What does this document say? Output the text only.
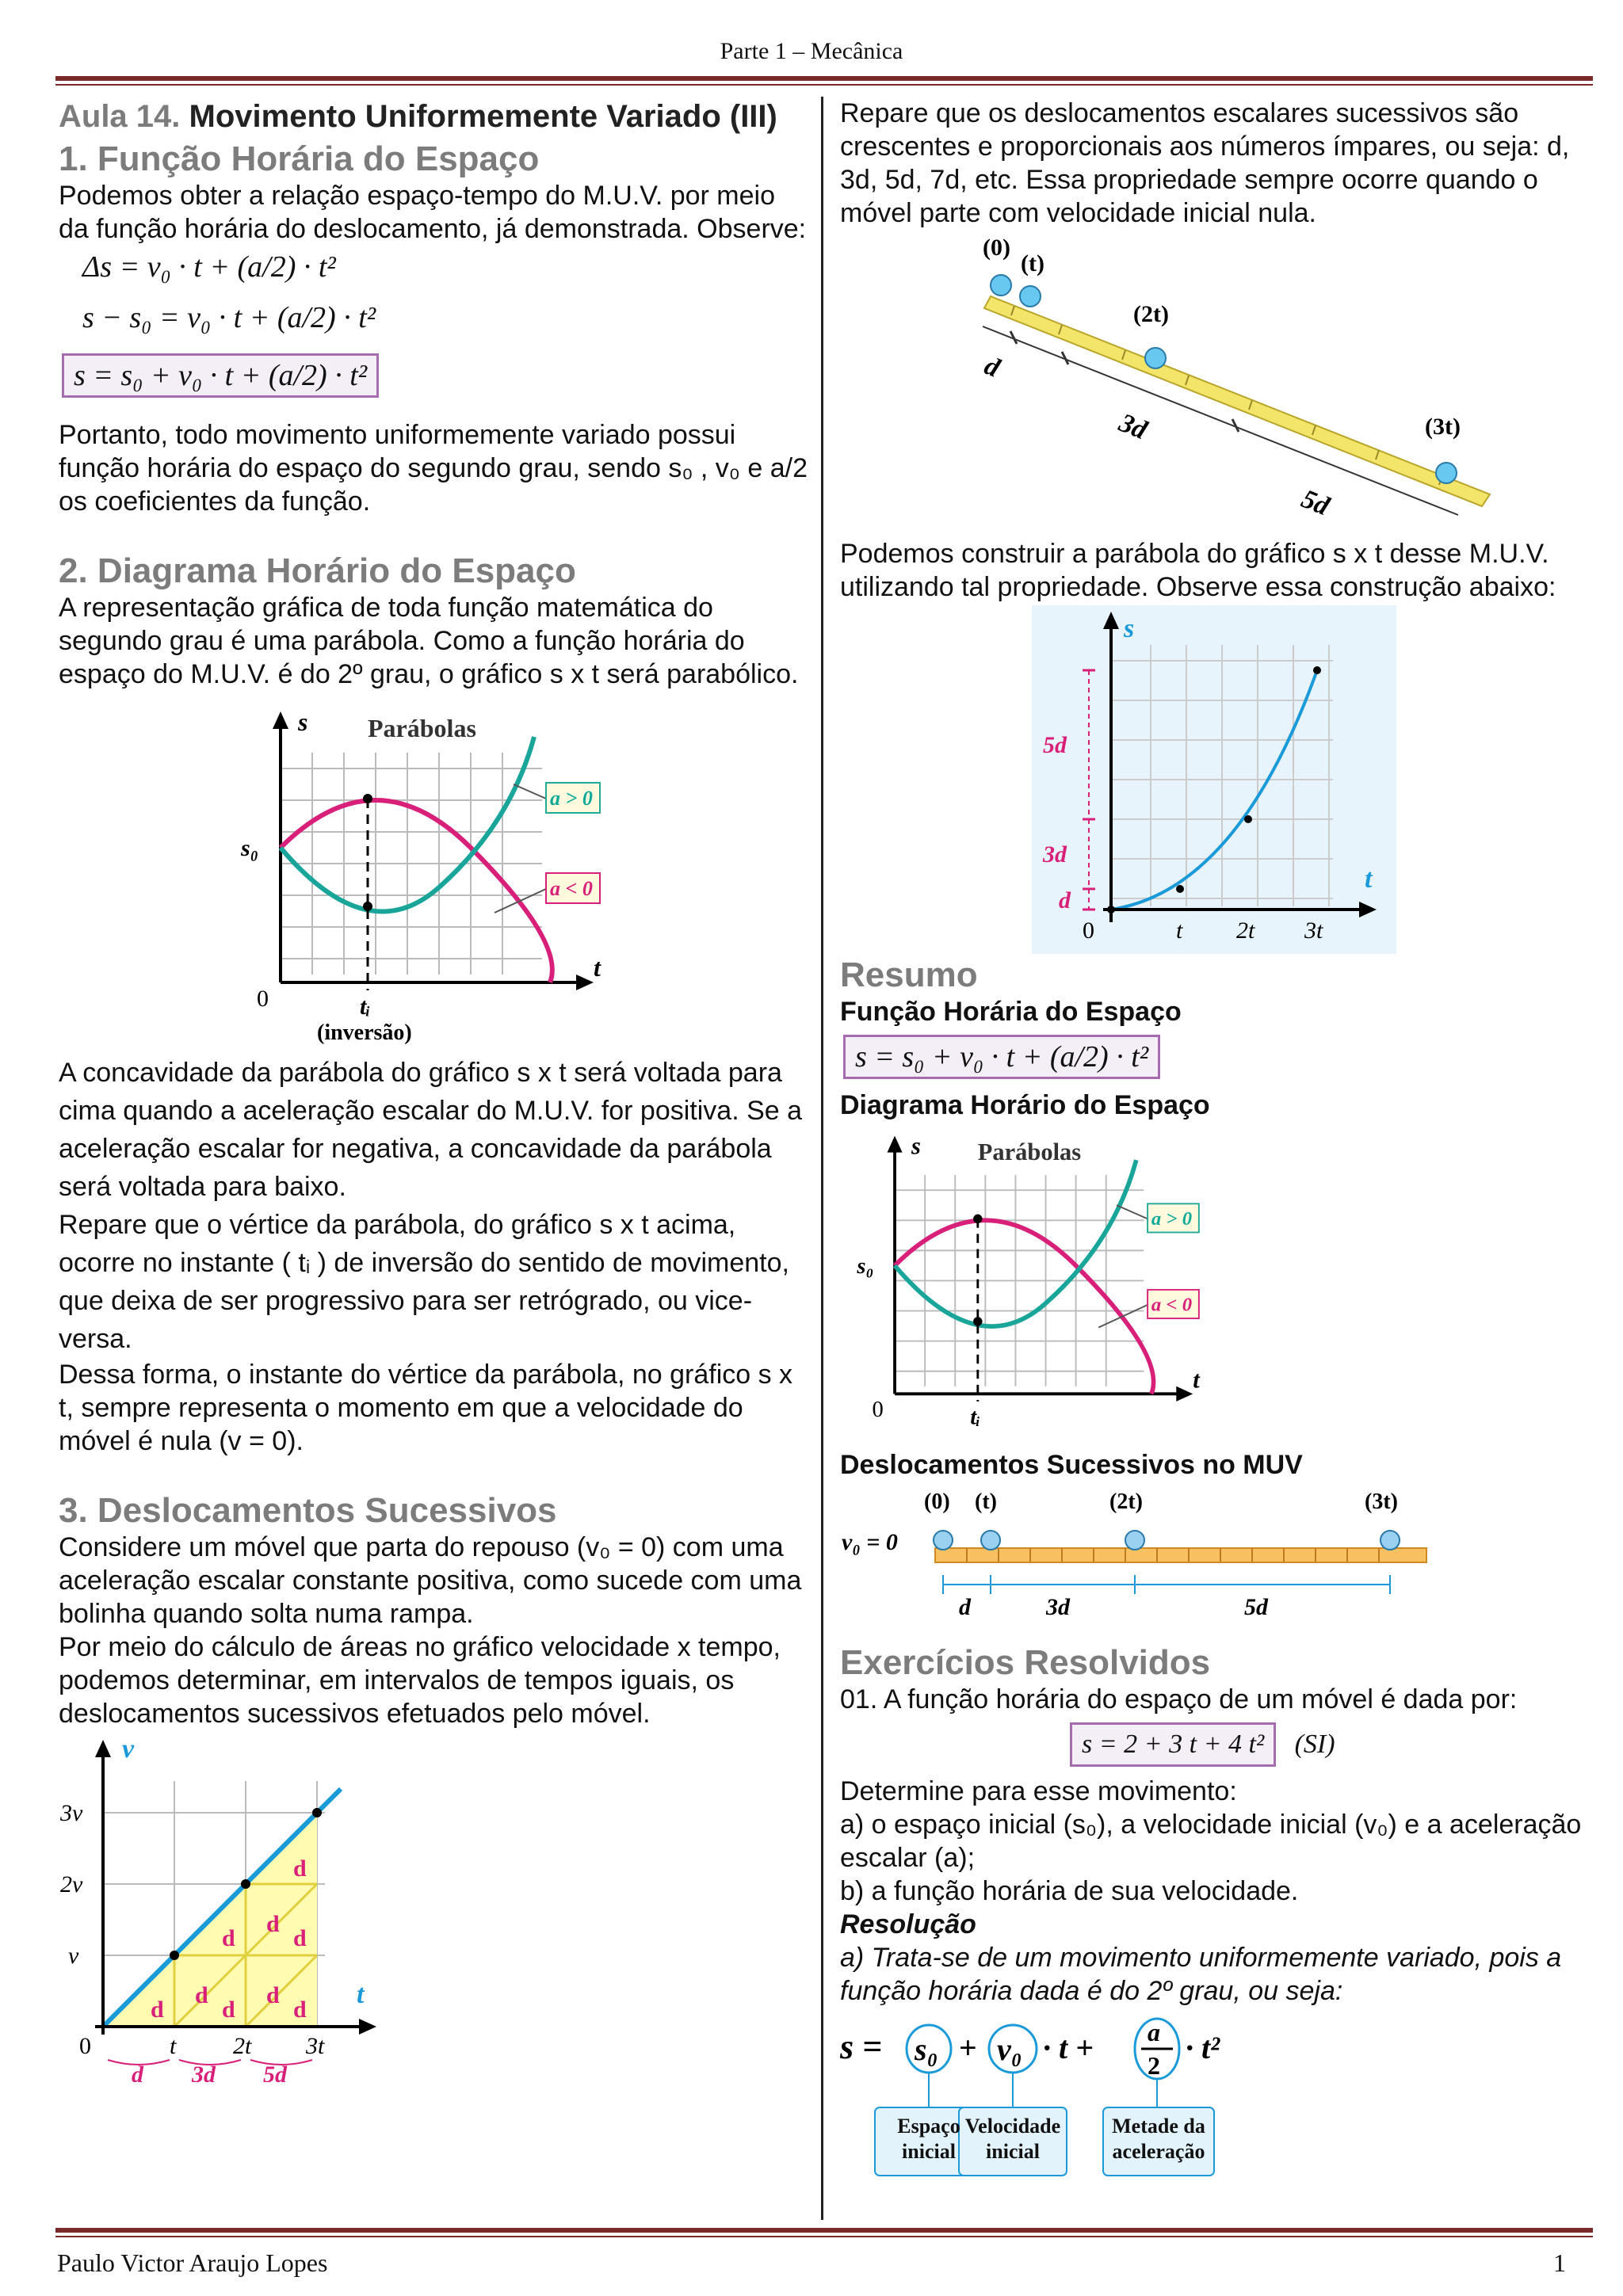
Parte 1 – Mecânica
Aula 14. Movimento Uniformemente Variado (III)
1. Função Horária do Espaço

Podemos obter a relação espaço-tempo do M.U.V. por meio da função horária do deslocamento, já demonstrada. Observe:

Δs = v₀ · t + (a/2) · t²
s − s₀ = v₀ · t + (a/2) · t²
s = s₀ + v₀ · t + (a/2) · t²

Portanto, todo movimento uniformemente variado possui função horária do espaço do segundo grau, sendo s₀ , v₀ e a/2 os coeficientes da função.

2. Diagrama Horário do Espaço

A representação gráfica de toda função matemática do segundo grau é uma parábola. Como a função horária do espaço do M.U.V. é do 2º grau, o gráfico s x t será parabólico.

a > 0
a < 0
Parábolas
s
t
0
s₀
tᵢ
(inversão)

A concavidade da parábola do gráfico s x t será voltada para cima quando a aceleração escalar do M.U.V. for positiva. Se a aceleração escalar for negativa, a concavidade da parábola será voltada para baixo.

Repare que o vértice da parábola, do gráfico s x t acima, ocorre no instante ( tᵢ ) de inversão do sentido de movimento, que deixa de ser progressivo para ser retrógrado, ou vice-versa.

Dessa forma, o instante do vértice da parábola, no gráfico s x t, sempre representa o momento em que a velocidade do móvel é nula (v = 0).

3. Deslocamentos Sucessivos

Considere um móvel que parta do repouso (v₀ = 0) com uma aceleração escalar constante positiva, como sucede com uma bolinha quando solta numa rampa.

Por meio do cálculo de áreas no gráfico velocidade x tempo, podemos determinar, em intervalos de tempos iguais, os deslocamentos sucessivos efetuados pelo móvel.

v
t
v
2v
3v
0	t 2t 3t
d
d
d
d
d
d
d
d
d
d 3d 5d

Repare que os deslocamentos escalares sucessivos são crescentes e proporcionais aos números ímpares, ou seja: d, 3d, 5d, 7d, etc. Essa propriedade sempre ocorre quando o móvel parte com velocidade inicial nula.

(0)
(t)
(2t)
(3t)
d
3d
5d

Podemos construir a parábola do gráfico s x t desse M.U.V. utilizando tal propriedade. Observe essa construção abaixo:

s
t
0	t 2t 3t
d
3d
5d
Resumo
Função Horária do Espaço
s = s₀ + v₀ · t + (a/2) · t²
Diagrama Horário do Espaço
a > 0
a < 0
Parábolas
s
t
0
s₀
tᵢ
Deslocamentos Sucessivos no MUV
v₀ = 0
(0) (t)	(2t)	(3t)
d	3d	5d
Exercícios Resolvidos

01. A função horária do espaço de um móvel é dada por:

s = 2 + 3 t + 4 t² (SI)

Determine para esse movimento:

a) o espaço inicial (s₀), a velocidade inicial (v₀) e a aceleração escalar (a);

b) a função horária de sua velocidade.

Resolução

a) Trata-se de um movimento uniformemente variado, pois a função horária dada é do 2º grau, ou seja:

s = s₀ + v₀ · t + a
2 · t²
Espaço inicial
Velocidade inicial
Metade da aceleração
Paulo Victor Araujo Lopes	1
